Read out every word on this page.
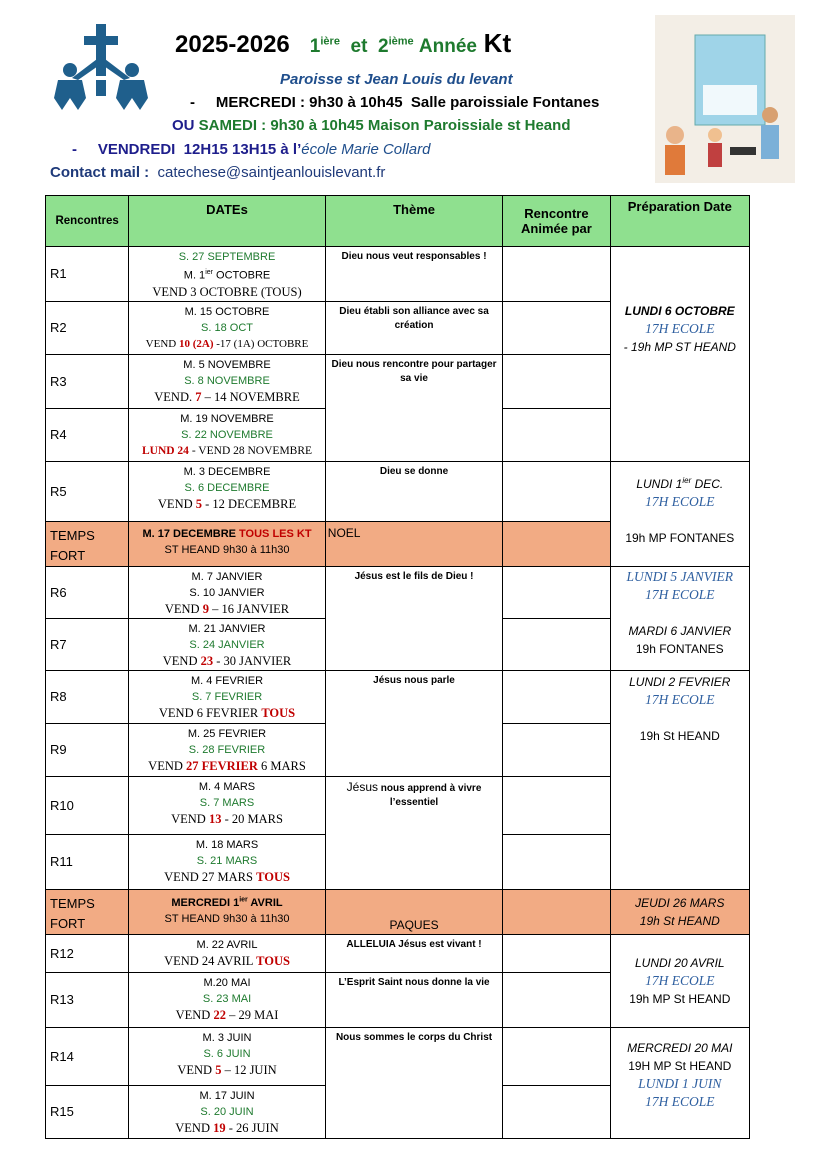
2025-2026 $1^{ière}$ et 2ième Année Kt
Paroisse st Jean Louis du levant
-     MERCREDI : 9h30 à 10h45  Salle paroissiale Fontanes
OU SAMEDI : 9h30 à 10h45 Maison Paroissiale st Heand
-     VENDREDI  12H15 13H15 à l’école Marie Collard
Contact mail : catechese@saintjeanlouislevant.fr
Rencontres	DATEs	Thème	Rencontre Animée par	Préparation Date
R1	S. 27 SEPTEMBRE
M. $1^{ier}$ OCTOBRE
VEND 3 OCTOBRE (TOUS)	Dieu nous veut responsables !		LUNDI 6 OCTOBRE
17H ECOLE
- 19h MP ST HEAND
R2	M. 15 OCTOBRE
S. 18 OCT
VEND 10 (2A) -17 (1A) OCTOBRE	Dieu établi son alliance avec sa création		
R3	M. 5 NOVEMBRE
S. 8 NOVEMBRE
VEND. 7 – 14 NOVEMBRE	Dieu nous rencontre pour partager sa vie		
R4	M. 19 NOVEMBRE
S. 22 NOVEMBRE
LUND 24 - VEND 28 NOVEMBRE			
R5	M. 3 DECEMBRE
S. 6 DECEMBRE
VEND 5 - 12 DECEMBRE	Dieu se donne		LUNDI $1^{ier}$ DEC.
17H ECOLE

19h MP FONTANES
TEMPS FORT	M. 17 DECEMBRE TOUS LES KT
ST HEAND 9h30 à 11h30	NOEL		
R6	M. 7 JANVIER
S. 10 JANVIER
VEND 9 – 16 JANVIER	Jésus est le fils de Dieu !		LUNDI 5 JANVIER
17H ECOLE

MARDI 6 JANVIER
19h FONTANES
R7	M. 21 JANVIER
S. 24 JANVIER
VEND 23 - 30 JANVIER			
R8	M. 4 FEVRIER
S. 7 FEVRIER
VEND 6 FEVRIER TOUS	Jésus nous parle		LUNDI 2 FEVRIER
17H ECOLE

19h St HEAND
R9	M. 25 FEVRIER
S. 28 FEVRIER
VEND 27 FEVRIER 6 MARS			
R10	M. 4 MARS
S. 7 MARS
VEND 13 - 20 MARS	Jésus nous apprend à vivre l’essentiel		
R11	M. 18 MARS
S. 21 MARS
VEND 27 MARS TOUS			
TEMPS FORT	MERCREDI $1^{ier}$ AVRIL
ST HEAND 9h30 à 11h30	PAQUES		JEUDI 26 MARS
19h St HEAND
R12	M. 22 AVRIL
VEND 24 AVRIL TOUS	ALLELUIA Jésus est vivant !		LUNDI 20 AVRIL
17H ECOLE
19h MP St HEAND
R13	M.20 MAI
S. 23 MAI
VEND 22 – 29 MAI	L’Esprit Saint nous donne la vie		
R14	M. 3 JUIN
S. 6 JUIN
VEND 5 – 12 JUIN	Nous sommes le corps du Christ		MERCREDI 20 MAI
19H MP St HEAND
LUNDI 1 JUIN
17H ECOLE
R15	M. 17 JUIN
S. 20 JUIN
VEND 19 - 26 JUIN			
